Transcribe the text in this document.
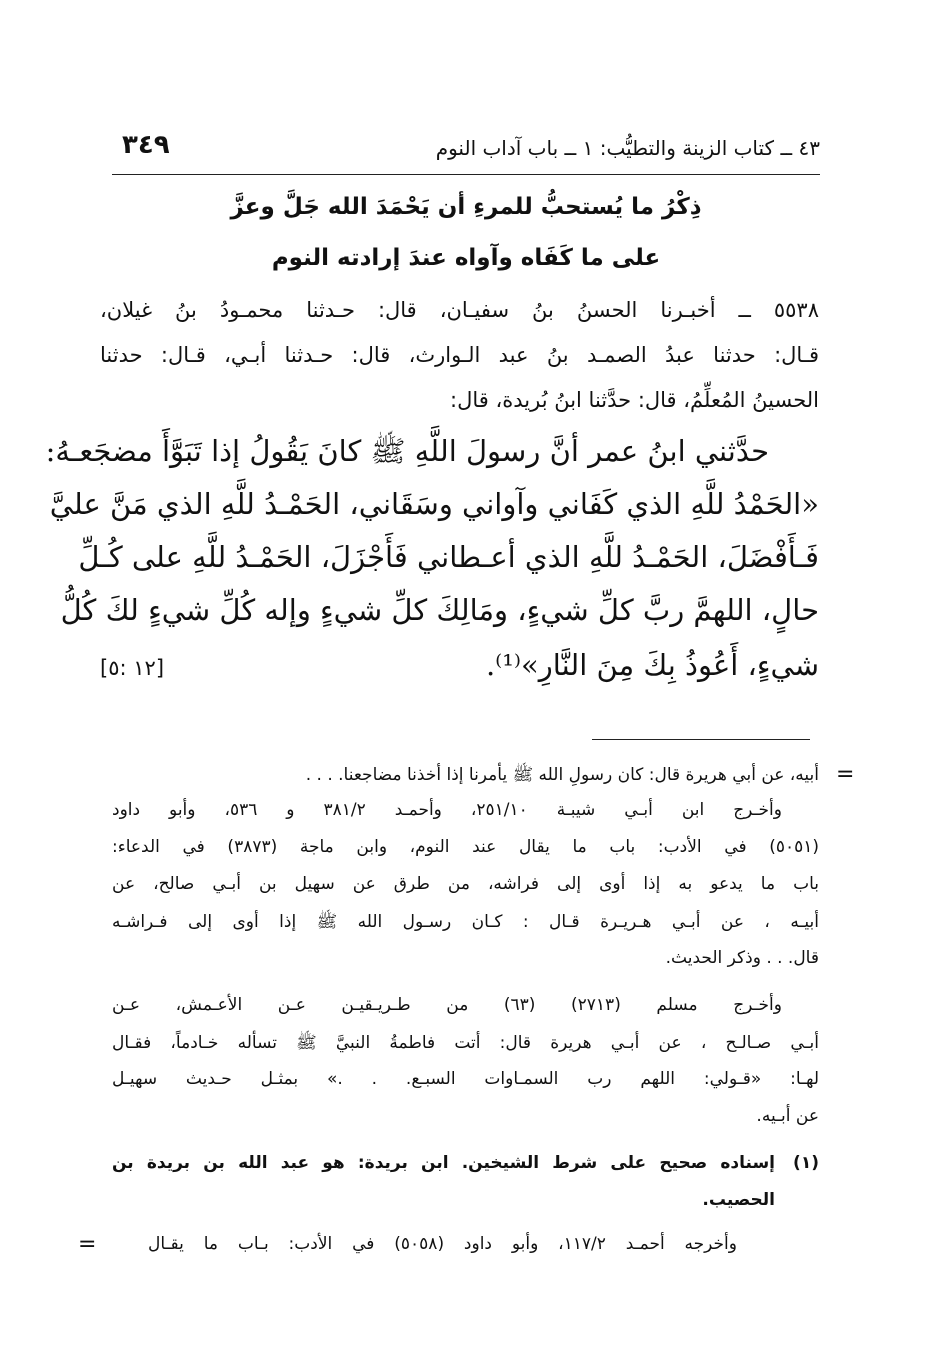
٤٣ ــ كتاب الزينة والتطيُّب: ١ ــ باب آداب النوم
٣٤٩
ذِكْرُ ما يُستحبُّ للمرءِ أن يَحْمَدَ الله جَلَّ وعزَّ
على ما كَفَاه وآواه عندَ إرادته النوم
٥٥٣٨ ــ أخبـرنا الحسنُ بنُ سفيـان، قال: حـدثنا محمـودُ بنُ غيلان،
قـال: حدثنا عبدُ الصمـد بنُ عبد الـوارث، قال: حـدثنا أبـي، قـال: حدثنا
الحسينُ المُعلِّمُ، قال: حدَّثنا ابنُ بُريدة، قال:
حدَّثني ابنُ عمر أنَّ رسولَ اللَّهِ ﷺ كانَ يَقُولُ إذا تَبَوَّأَ مضجَعـهُ:
«الحَمْدُ للَّهِ الذي كَفَاني وآواني وسَقَاني، الحَمْـدُ للَّهِ الذي مَنَّ عليَّ
فَـأَفْضَلَ، الحَمْـدُ للَّهِ الذي أعـطاني فَأَجْزَلَ، الحَمْـدُ للَّهِ على كُـلِّ
حالٍ، اللهمَّ ربَّ كلِّ شيءٍ، ومَالِكَ كلِّ شيءٍ وإله كُلِّ شيءٍ لكَ كُلُّ
شيءٍ، أَعُوذُ بِكَ مِنَ النَّارِ»⁽¹⁾.
[١٢ :٥]
=
أبيه، عن أبي هريرة قال: كان رسولِ الله ﷺ يأمرنا إذا أخذنا مضاجعنا. . . .
وأخـرج ابن أبـي شيبـة ٢٥١/١٠، وأحمـد ٣٨١/٢ و ٥٣٦، وأبو داود
(٥٠٥١) في الأدب: باب ما يقال عند النوم، وابن ماجة (٣٨٧٣) في الدعاء:
باب ما يدعو به إذا أوى إلى فراشه، من طرق عن سهيل بن أبـي صالح، عن
أبيـه ، عن أبـي هـريـرة قـال : كـان رسـول الله ﷺ إذا أوى إلى فـراشـه
قال. . . وذكر الحديث.
وأخـرج مسلم (٢٧١٣) (٦٣) من طـريـقيـن عـن الأعـمش، عـن
أبـي صـالـح ، عن أبـي هريرة قال: أتت فاطمةُ النبيَّ ﷺ تسأله خـادماً، فقـال
لهـا: «قـولي: اللهم رب السمـاوات السبـع. . .» بمثـل حـديث سهيـل
عن أبـيه.
(١)
إسناده صحيح على شرط الشيخين. ابن بريدة: هو عبد الله بن بريدة بن
الحصيب.
وأخرجه أحمـد ١١٧/٢، وأبو داود (٥٠٥٨) في الأدب: بـاب ما يقـال
=
